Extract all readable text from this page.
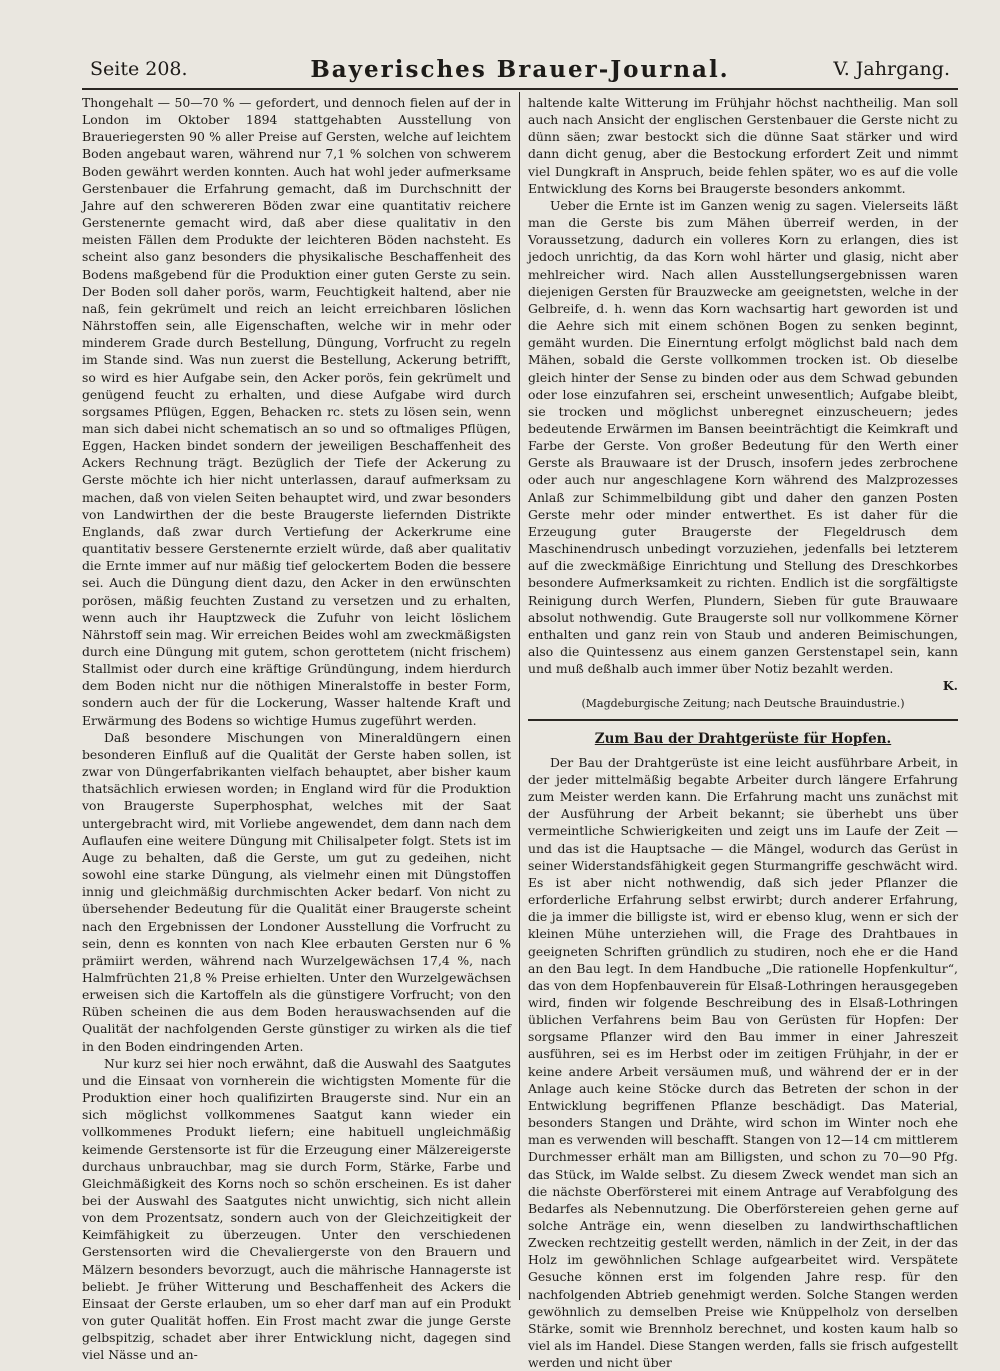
Seite 208.	Bayerisches Brauer-Journal.	V. Jahrgang.

Thongehalt — 50—70 % — gefordert, und dennoch fielen auf der in London im Oktober 1894 stattgehabten Ausstellung von Braueriegersten 90 % aller Preise auf Gersten, welche auf leichtem Boden angebaut waren, während nur 7,1 % solchen von schwerem Boden gewährt werden konnten. Auch hat wohl jeder aufmerksame Gerstenbauer die Erfahrung gemacht, daß im Durchschnitt der Jahre auf den schwereren Böden zwar eine quantitativ reichere Gerstenernte gemacht wird, daß aber diese qualitativ in den meisten Fällen dem Produkte der leichteren Böden nachsteht. Es scheint also ganz besonders die physikalische Beschaffenheit des Bodens maßgebend für die Produktion einer guten Gerste zu sein. Der Boden soll daher porös, warm, Feuchtigkeit haltend, aber nie naß, fein gekrümelt und reich an leicht erreichbaren löslichen Nährstoffen sein, alle Eigenschaften, welche wir in mehr oder minderem Grade durch Bestellung, Düngung, Vorfrucht zu regeln im Stande sind. Was nun zuerst die Bestellung, Ackerung betrifft, so wird es hier Aufgabe sein, den Acker porös, fein gekrümelt und genügend feucht zu erhalten, und diese Aufgabe wird durch sorgsames Pflügen, Eggen, Behacken rc. stets zu lösen sein, wenn man sich dabei nicht schematisch an so und so oftmaliges Pflügen, Eggen, Hacken bindet sondern der jeweiligen Beschaffenheit des Ackers Rechnung trägt. Bezüglich der Tiefe der Ackerung zu Gerste möchte ich hier nicht unterlassen, darauf aufmerksam zu machen, daß von vielen Seiten behauptet wird, und zwar besonders von Landwirthen der die beste Braugerste liefernden Distrikte Englands, daß zwar durch Vertiefung der Ackerkrume eine quantitativ bessere Gerstenernte erzielt würde, daß aber qualitativ die Ernte immer auf nur mäßig tief gelockertem Boden die bessere sei. Auch die Düngung dient dazu, den Acker in den erwünschten porösen, mäßig feuchten Zustand zu versetzen und zu erhalten, wenn auch ihr Hauptzweck die Zufuhr von leicht löslichem Nährstoff sein mag. Wir erreichen Beides wohl am zweckmäßigsten durch eine Düngung mit gutem, schon gerottetem (nicht frischem) Stallmist oder durch eine kräftige Gründüngung, indem hierdurch dem Boden nicht nur die nöthigen Mineralstoffe in bester Form, sondern auch der für die Lockerung, Wasser haltende Kraft und Erwärmung des Bodens so wichtige Humus zugeführt werden.

Daß besondere Mischungen von Mineraldüngern einen besonderen Einfluß auf die Qualität der Gerste haben sollen, ist zwar von Düngerfabrikanten vielfach behauptet, aber bisher kaum thatsächlich erwiesen worden; in England wird für die Produktion von Braugerste Superphosphat, welches mit der Saat untergebracht wird, mit Vorliebe angewendet, dem dann nach dem Auflaufen eine weitere Düngung mit Chilisalpeter folgt. Stets ist im Auge zu behalten, daß die Gerste, um gut zu gedeihen, nicht sowohl eine starke Düngung, als vielmehr einen mit Düngstoffen innig und gleichmäßig durchmischten Acker bedarf. Von nicht zu übersehender Bedeutung für die Qualität einer Braugerste scheint nach den Ergebnissen der Londoner Ausstellung die Vorfrucht zu sein, denn es konnten von nach Klee erbauten Gersten nur 6 % prämiirt werden, während nach Wurzelgewächsen 17,4 %, nach Halmfrüchten 21,8 % Preise erhielten. Unter den Wurzelgewächsen erweisen sich die Kartoffeln als die günstigere Vorfrucht; von den Rüben scheinen die aus dem Boden herauswachsenden auf die Qualität der nachfolgenden Gerste günstiger zu wirken als die tief in den Boden eindringenden Arten.

Nur kurz sei hier noch erwähnt, daß die Auswahl des Saatgutes und die Einsaat von vornherein die wichtigsten Momente für die Produktion einer hoch qualifizirten Braugerste sind. Nur ein an sich möglichst vollkommenes Saatgut kann wieder ein vollkommenes Produkt liefern; eine habituell ungleichmäßig keimende Gerstensorte ist für die Erzeugung einer Mälzereigerste durchaus unbrauchbar, mag sie durch Form, Stärke, Farbe und Gleichmäßigkeit des Korns noch so schön erscheinen. Es ist daher bei der Auswahl des Saatgutes nicht unwichtig, sich nicht allein von dem Prozentsatz, sondern auch von der Gleichzeitigkeit der Keimfähigkeit zu überzeugen. Unter den verschiedenen Gerstensorten wird die Chevaliergerste von den Brauern und Mälzern besonders bevorzugt, auch die mährische Hannagerste ist beliebt. Je früher Witterung und Beschaffenheit des Ackers die Einsaat der Gerste erlauben, um so eher darf man auf ein Produkt von guter Qualität hoffen. Ein Frost macht zwar die junge Gerste gelbspitzig, schadet aber ihrer Entwicklung nicht, dagegen sind viel Nässe und an-

haltende kalte Witterung im Frühjahr höchst nachtheilig. Man soll auch nach Ansicht der englischen Gerstenbauer die Gerste nicht zu dünn säen; zwar bestockt sich die dünne Saat stärker und wird dann dicht genug, aber die Bestockung erfordert Zeit und nimmt viel Dungkraft in Anspruch, beide fehlen später, wo es auf die volle Entwicklung des Korns bei Braugerste besonders ankommt.

Ueber die Ernte ist im Ganzen wenig zu sagen. Vielerseits läßt man die Gerste bis zum Mähen überreif werden, in der Voraussetzung, dadurch ein volleres Korn zu erlangen, dies ist jedoch unrichtig, da das Korn wohl härter und glasig, nicht aber mehlreicher wird. Nach allen Ausstellungsergebnissen waren diejenigen Gersten für Brauzwecke am geeignetsten, welche in der Gelbreife, d. h. wenn das Korn wachsartig hart geworden ist und die Aehre sich mit einem schönen Bogen zu senken beginnt, gemäht wurden. Die Einerntung erfolgt möglichst bald nach dem Mähen, sobald die Gerste vollkommen trocken ist. Ob dieselbe gleich hinter der Sense zu binden oder aus dem Schwad gebunden oder lose einzufahren sei, erscheint unwesentlich; Aufgabe bleibt, sie trocken und möglichst unberegnet einzuscheuern; jedes bedeutende Erwärmen im Bansen beeinträchtigt die Keimkraft und Farbe der Gerste. Von großer Bedeutung für den Werth einer Gerste als Brauwaare ist der Drusch, insofern jedes zerbrochene oder auch nur angeschlagene Korn während des Malzprozesses Anlaß zur Schimmelbildung gibt und daher den ganzen Posten Gerste mehr oder minder entwerthet. Es ist daher für die Erzeugung guter Braugerste der Flegeldrusch dem Maschinendrusch unbedingt vorzuziehen, jedenfalls bei letzterem auf die zweckmäßige Einrichtung und Stellung des Dreschkorbes besondere Aufmerksamkeit zu richten. Endlich ist die sorgfältigste Reinigung durch Werfen, Plundern, Sieben für gute Brauwaare absolut nothwendig. Gute Braugerste soll nur vollkommene Körner enthalten und ganz rein von Staub und anderen Beimischungen, also die Quintessenz aus einem ganzen Gerstenstapel sein, kann und muß deßhalb auch immer über Notiz bezahlt werden.

K.
(Magdeburgische Zeitung; nach Deutsche Brauindustrie.)
Zum Bau der Drahtgerüste für Hopfen.

Der Bau der Drahtgerüste ist eine leicht ausführbare Arbeit, in der jeder mittelmäßig begabte Arbeiter durch längere Erfahrung zum Meister werden kann. Die Erfahrung macht uns zunächst mit der Ausführung der Arbeit bekannt; sie überhebt uns über vermeintliche Schwierigkeiten und zeigt uns im Laufe der Zeit — und das ist die Hauptsache — die Mängel, wodurch das Gerüst in seiner Widerstandsfähigkeit gegen Sturmangriffe geschwächt wird. Es ist aber nicht nothwendig, daß sich jeder Pflanzer die erforderliche Erfahrung selbst erwirbt; durch anderer Erfahrung, die ja immer die billigste ist, wird er ebenso klug, wenn er sich der kleinen Mühe unterziehen will, die Frage des Drahtbaues in geeigneten Schriften gründlich zu studiren, noch ehe er die Hand an den Bau legt. In dem Handbuche „Die rationelle Hopfenkultur“, das von dem Hopfenbauverein für Elsaß-Lothringen herausgegeben wird, finden wir folgende Beschreibung des in Elsaß-Lothringen üblichen Verfahrens beim Bau von Gerüsten für Hopfen: Der sorgsame Pflanzer wird den Bau immer in einer Jahreszeit ausführen, sei es im Herbst oder im zeitigen Frühjahr, in der er keine andere Arbeit versäumen muß, und während der er in der Anlage auch keine Stöcke durch das Betreten der schon in der Entwicklung begriffenen Pflanze beschädigt. Das Material, besonders Stangen und Drähte, wird schon im Winter noch ehe man es verwenden will beschafft. Stangen von 12—14 cm mittlerem Durchmesser erhält man am Billigsten, und schon zu 70—90 Pfg. das Stück, im Walde selbst. Zu diesem Zweck wendet man sich an die nächste Oberförsterei mit einem Antrage auf Verabfolgung des Bedarfes als Nebennutzung. Die Oberförstereien gehen gerne auf solche Anträge ein, wenn dieselben zu landwirthschaftlichen Zwecken rechtzeitig gestellt werden, nämlich in der Zeit, in der das Holz im gewöhnlichen Schlage aufgearbeitet wird. Verspätete Gesuche können erst im folgenden Jahre resp. für den nachfolgenden Abtrieb genehmigt werden. Solche Stangen werden gewöhnlich zu demselben Preise wie Knüppelholz von derselben Stärke, somit wie Brennholz berechnet, und kosten kaum halb so viel als im Handel. Diese Stangen werden, falls sie frisch aufgestellt werden und nicht über
